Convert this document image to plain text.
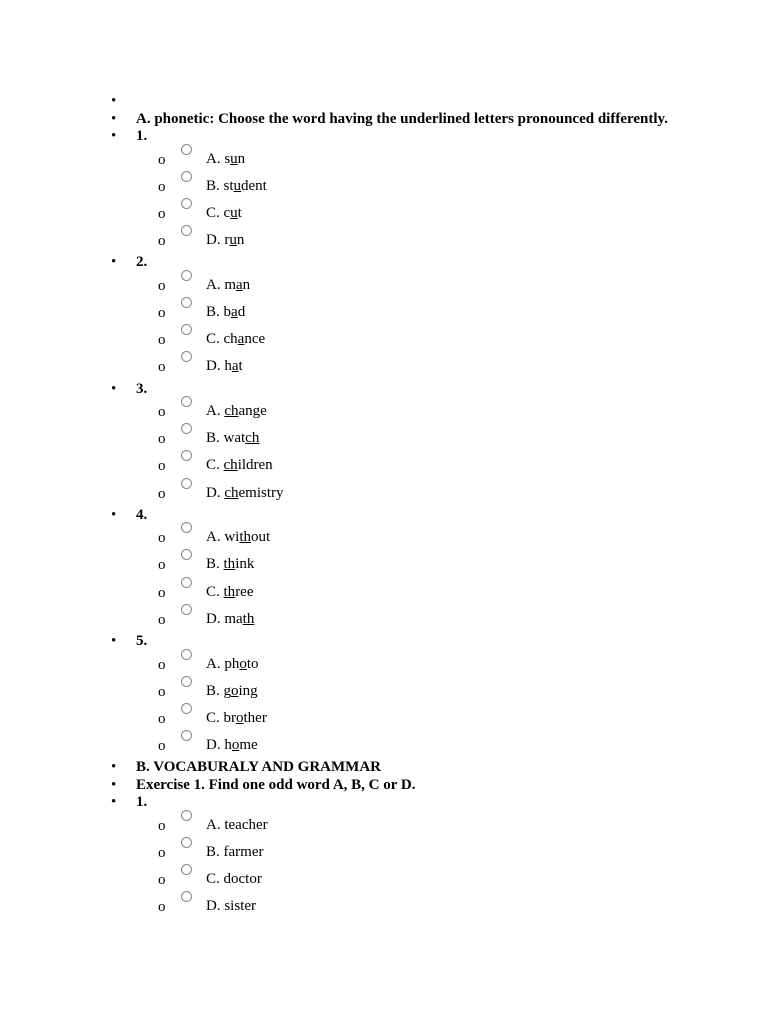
•
• A. phonetic: Choose the word having the underlined letters pronounced differently.
• 1.
o	A. sun
o	B. student
o	C. cut
o	D. run
• 2.
o	A. man
o	B. bad
o	C. chance
o	D. hat
• 3.
o	A. change
o	B. watch
o	C. children
o	D. chemistry
• 4.
o	A. without
o	B. think
o	C. three
o	D. math
• 5.
o	A. photo
o	B. going
o	C. brother
o	D. home
• B. VOCABURALY AND GRAMMAR
• Exercise 1. Find one odd word A, B, C or D.
• 1.
o	A. teacher
o	B. farmer
o	C. doctor
o	D. sister
